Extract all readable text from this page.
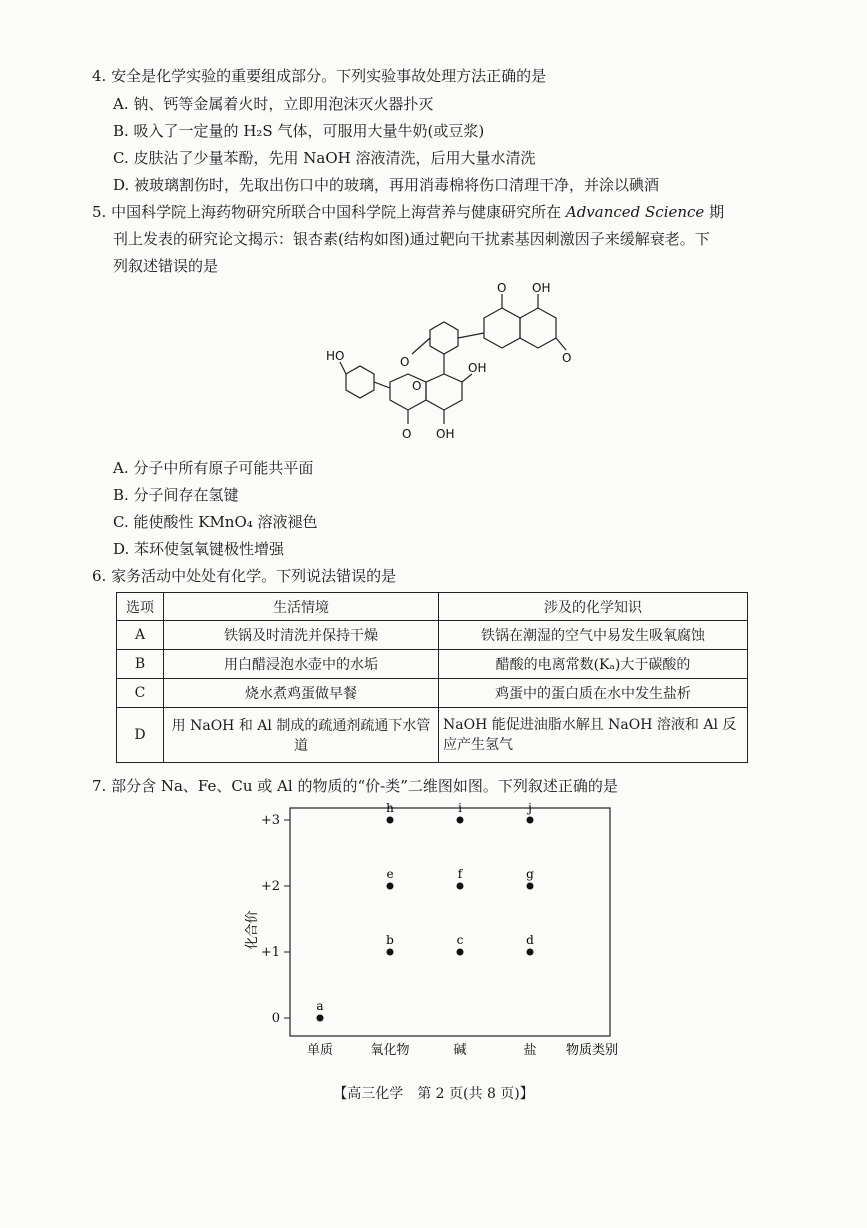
4. 安全是化学实验的重要组成部分。下列实验事故处理方法正确的是
A. 钠、钙等金属着火时，立即用泡沫灭火器扑灭
B. 吸入了一定量的 H₂S 气体，可服用大量牛奶(或豆浆)
C. 皮肤沾了少量苯酚，先用 NaOH 溶液清洗，后用大量水清洗
D. 被玻璃割伤时，先取出伤口中的玻璃，再用消毒棉将伤口清理干净，并涂以碘酒
5. 中国科学院上海药物研究所联合中国科学院上海营养与健康研究所在 Advanced Science 期
刊上发表的研究论文揭示：银杏素(结构如图)通过靶向干扰素基因刺激因子来缓解衰老。下
列叙述错误的是
O OH
O
O
HO
O
OH
O OH
A. 分子中所有原子可能共平面
B. 分子间存在氢键
C. 能使酸性 KMnO₄ 溶液褪色
D. 苯环使氢氧键极性增强
6. 家务活动中处处有化学。下列说法错误的是
选项	生活情境	涉及的化学知识
A	铁锅及时清洗并保持干燥	铁锅在潮湿的空气中易发生吸氧腐蚀
B	用白醋浸泡水壶中的水垢	醋酸的电离常数(Kₐ)大于碳酸的
C	烧水煮鸡蛋做早餐	鸡蛋中的蛋白质在水中发生盐析
D	用 NaOH 和 Al 制成的疏通剂疏通下水管道	NaOH 能促进油脂水解且 NaOH 溶液和 Al 反应产生氢气
7. 部分含 Na、Fe、Cu 或 Al 的物质的“价-类”二维图如图。下列叙述正确的是
化合价
0
+1
+2
+3
单质	氧化物	碱	盐
a
b	c	d
e	f	g
h	i	j
物质类别
【高三化学　第 2 页(共 8 页)】
